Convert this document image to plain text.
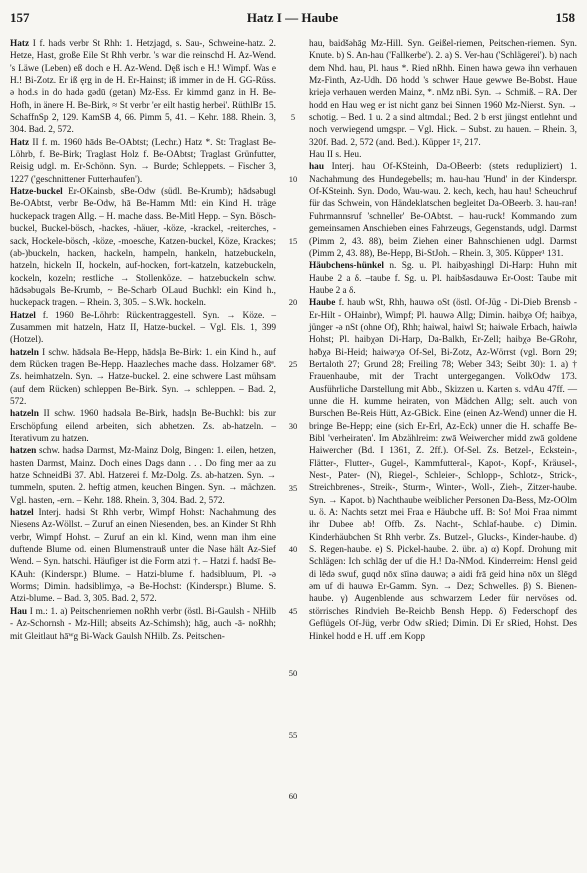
157	Hatz I — Haube	158

Hatz I f. hadѕ verbr St Rhh: 1. Hetzjagd, s. Sau-, Schweine-hatz. 2. Hetze, Hast, große Eile St Rhh verbr. 's war die reinschd H. Az-Wend. 's Läwe (Leben) eß doch e H. Az-Wend. Dęß isch e H.! Wimpf. Was e H.! Bi-Zotz. Er iß ęrg in de H. Er-Hainst; iß immer in de H. GG-Rüss. ə hod.s in do hadə gədū (getan) Mz-Ess. Er kimmd ganz in H. Be-Hofh, in änere H. Be-Birk, ≈ St verbr 'er eilt hastig herbei'. RüthlBr 15. SchaffnSp 2, 129. KamSB 4, 66. Pimm 5, 41. – Kehr. 188. Rhein. 3, 304. Bad. 2, 572.

Hatz II f. m. 1960 hādѕ Be-OAbtst; (Lechr.) Hatz *. St: Traglast Be-Löhrb, f. Be-Birk; Traglast Holz f. Be-OAbtst; Traglast Grünfutter, Reisig udgl. m. Er-Schönn. Syn. → Burde; Schleppets. – Fischer 3, 1227 ('geschnittener Futterhaufen').

Hatze-buckel Er-OKainsb, sBe-Odw (südl. Be-Krumb); hādsəbugl Be-OAbtst, verbr Be-Odw, hā Be-Hamm Mtl: ein Kind H. träge huckepack tragen Allg. – H. mache dass. Be-Mitl Hepp. – Syn. Bösch-buckel, Buckel-bösch, -hackes, -häuer, -köze, -krackel, -reiterches, -sack, Hockele-bösch, -köze, -moesche, Katzen-buckel, Köze, Krackes; (ab-)buckeln, hacken, hackeln, hampeln, hankeln, hatzebuckeln, hatzeln, hickeln II, hockeln, auf-hocken, fort-katzeln, katzebuckeln, kockeln, kozeln; restliche → Stollenköze. – hatzebuckeln schw. hādsəbugəls Be-Krumb, ~ Be-Scharb OLaud Buchkl: ein Kind h., huckepack tragen. – Rhein. 3, 305. – S.Wk. hockeln.

Hatzel f. 1960 Be-Löhrb: Rückentraggestell. Syn. → Köze. – Zusammen mit hatzeln, Hatz II, Hatze-buckel. – Vgl. Els. 1, 399 (Hotzel).

hatzeln I schw. hādsəlа Be-Hepp, hādsļa Be-Birk: 1. ein Kind h., auf dem Rücken tragen Be-Hepp. Haazleches mache dass. Holzamer 68ª. Zs. heimhatzeln. Syn. → Hatze-buckel. 2. eine schwere Last mühsam (auf dem Rücken) schleppen Be-Birk. Syn. → schleppen. – Bad. 2, 572.

hatzeln II schw. 1960 hadsəla Be-Birk, hadsļn Be-Buchkl: bis zur Erschöpfung eilend arbeiten, sich abhetzen. Zs. ab-hatzeln. – Iterativum zu hatzen.

hatzen schw. hadsə Darmst, Mz-Mainz Dolg, Bingen: 1. eilen, hetzen, hasten Darmst, Mainz. Doch eines Dags dann . . . Do fing mer aa zu hatze SchneidBi 37. Abl. Hatzerei f. Mz-Dolg. Zs. ab-hatzen. Syn. → tummeln, sputen. 2. heftig atmen, keuchen Bingen. Syn. → mächzen. Vgl. hasten, -ern. – Kehr. 188. Rhein. 3, 304. Bad. 2, 572.

hatzel Interj. hadsi St Rhh verbr, Wimpf Hohst: Nachahmung des Niesens Az-Wöllst. – Zuruf an einen Niesenden, bes. an Kinder St Rhh verbr, Wimpf Hohst. – Zuruf an ein kl. Kind, wenn man ihm eine duftende Blume od. einen Blumenstrauß unter die Nase hält Az-Sief Wend. – Syn. hatschi. Häufiger ist die Form atzi †. – Hatzi f. hadsī Be-KAuh: (Kinderspr.) Blume. – Hatzi-blume f. hadsibluum, Pl. -ə Worms; Dimin. hadsiblimχə, -ə Be-Hochst: (Kinderspr.) Blume. S. Atzi-blume. – Bad. 3, 305. Bad. 2, 572.

Hau I m.: 1. a) Peitschenriemen noRhh verbr (östl. Bi-Gaulsh - NHilb - Az-Schornsh - Mz-Hill; abseits Az-Schimsh); hāg, auch -ā- noRhh; mit Gleitlaut hāᵂg Bi-Wack Gaulsh NHilb. Zs. Peitschen-

5
10
15
20
25
30
35
40
45
50
55
60

hau, baidšəhāg Mz-Hill. Syn. Geißel-riemen, Peitschen-riemen. Syn. Knute. b) S. An-hau ('Fallkerbe'). 2. a) S. Ver-hau ('Schlägerei'). b) nach dem Nhd. hau, Pl. haus *. Ried nRhh. Einen hawə gewə ihn verhauen Mz-Finth, Az-Udh. Dō hodd 's schwer Haue gewwe Be-Bobst. Haue kriejə verhauen werden Mainz, *. nMz nBi. Syn. → Schmiß. – RA. Der hodd en Hau weg er ist nicht ganz bei Sinnen 1960 Mz-Nierst. Syn. → schotig. – Bed. 1 u. 2 a sind altmdal.; Bed. 2 b erst jüngst entlehnt und noch verwiegend umgspr. – Vgl. Hick. – Subst. zu hauen. – Rhein. 3, 320f. Bad. 2, 572 (and. Bed.). Küpper 1², 217.

Hau II s. Heu.

hau Interj. hau Of-KSteinh, Da-OBeerb: (stets redupliziert) 1. Nachahmung des Hundegebells; m. hau-hau 'Hund' in der Kinderspr. Of-KSteinh. Syn. Dodo, Wau-wau. 2. kech, kech, hau hau! Scheuchruf für das Schwein, von Händeklatschen begleitet Da-OBeerb. 3. hau-ran! Fuhrmannsruf 'schneller' Be-OAbtst. – hau-ruck! Kommando zum gemeinsamen Anschieben eines Fahrzeugs, Gegenstands, udgl. Darmst (Pimm 2, 43. 88), beim Ziehen einer Bahnschienen udgl. Darmst (Pimm 2, 43. 88), Be-Hepp, Bi-StJoh. – Rhein. 3, 305. Küpper¹ 131.

Häubchens-hünkel n. Sg. u. Pl. haibχəshiŋgl Di-Harp: Huhn mit Haube 2 a δ. –taube f. Sg. u. Pl. haibšəsdauwə Er-Oost: Taube mit Haube 2 a δ.

Haube f. haub wSt, Rhh, hauwə oSt (östl. Of-Jüg - Di-Dieb Brensb - Er-Hilt - OHainbr), Wimpf; Pl. hauwə Allg; Dimin. həibχə Of; haibχə, jünger -ə nSt (ohne Of), Rhh; haiwəl, haiwl St; haiwəle Erbach, haiwlə Hohst; Pl. haibχən Di-Harp, Da-Balkh, Er-Zell; haibχə Be-GRohr, hə̃bχə Bi-Heid; haiwəʳχə Of-Sel, Bi-Zotz, Az-Wörrst (vgl. Born 29; Bertaloth 27; Grund 28; Freiling 78; Weber 343; Seibt 30): 1. a) † Frauenhaube, mit der Tracht untergegangen. VolkOdw 173. Ausführliche Darstellung mit Abb., Skizzen u. Karten s. vdAu 47ff. — unne die H. kumme heiraten, von Mädchen Allg; selt. auch von Burschen Be-Reis Hütt, Az-GBick. Eine (einen Az-Wend) unner die H. bringe Be-Hepp; eine (sich Er-Erl, Az-Eck) unner die H. schaffe Be-Bibl 'verheiraten'. Im Abzählreim: zwā Weiwercher midd zwā goldene Haiwercher (Bd. I 1361, Z. 2ff.). Of-Sel. Zs. Betzel-, Eckstein-, Flätter-, Flutter-, Gugel-, Kammfutteral-, Kapot-, Kopf-, Kräusel-, Nest-, Pater- (N), Riegel-, Schleier-, Schlopp-, Schlotz-, Strick-, Streichbrenes-, Streik-, Sturm-, Winter-, Woll-, Zieh-, Zitzer-haube. Syn. → Kapot. b) Nachthaube weiblicher Personen Da-Bess, Mz-OOlm u. ö. A: Nachts setzt mei Fraa e Häubche uff. B: So! Moi Fraa nimmt ihr Dubee ab! Offb. Zs. Nacht-, Schlaf-haube. c) Dimin. Kinderhäubchen St Rhh verbr. Zs. Butzel-, Glucks-, Kinder-haube. d) S. Regen-haube. e) S. Pickel-haube. 2. übr. a) α) Kopf. Drohung mit Schlägen: Ich schlāg der uf die H.! Da-NMod. Kinderreim: Hensl geid di lēdə swuf, guqd nōx sīinə dauwə; ə aidi frā geid hinə nōx un šlēgd əm uf di hauwə Er-Gamm. Syn. → Dez; Schwelles. β) S. Bienen-haube. γ) Augenblende aus schwarzem Leder für nervöses od. störrisches Rindvieh Be-Reichb Bensh Hepp. δ) Federschopf des Geflügels Of-Jüg, verbr Odw sRied; Dimin. Di Er sRied, Hohst. Des Hinkel hodd e H. uff .em Kopp
